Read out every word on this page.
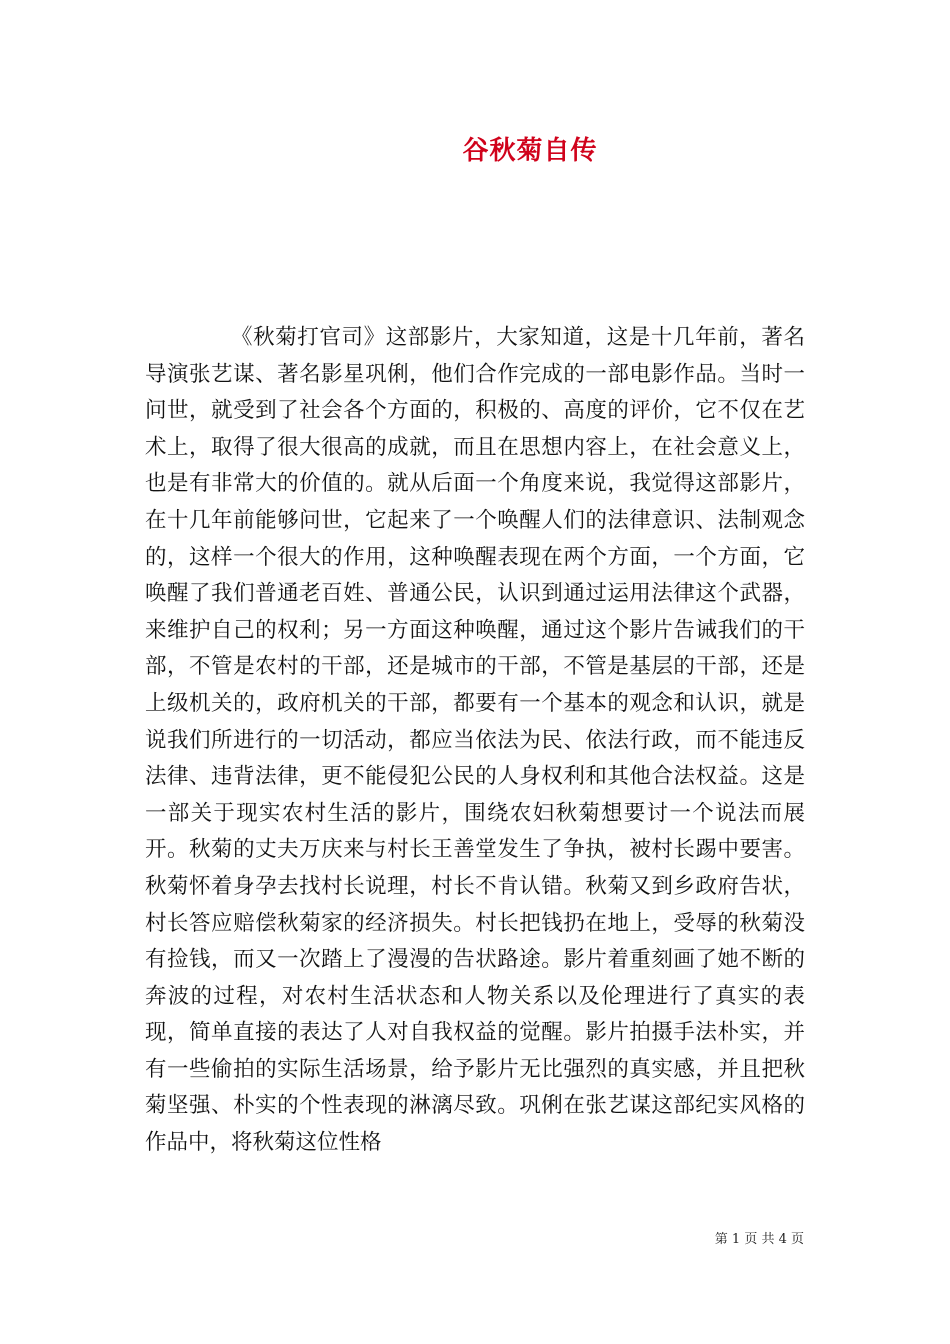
谷秋菊自传

《秋菊打官司》这部影片，大家知道，这是十几年前，著名导演张艺谋、著名影星巩俐，他们合作完成的一部电影作品。当时一问世，就受到了社会各个方面的，积极的、高度的评价，它不仅在艺术上，取得了很大很高的成就，而且在思想内容上，在社会意义上，也是有非常大的价值的。就从后面一个角度来说，我觉得这部影片，在十几年前能够问世，它起来了一个唤醒人们的法律意识、法制观念的，这样一个很大的作用，这种唤醒表现在两个方面，一个方面，它唤醒了我们普通老百姓、普通公民，认识到通过运用法律这个武器，来维护自己的权利；另一方面这种唤醒，通过这个影片告诫我们的干部，不管是农村的干部，还是城市的干部，不管是基层的干部，还是上级机关的，政府机关的干部，都要有一个基本的观念和认识，就是说我们所进行的一切活动，都应当依法为民、依法行政，而不能违反法律、违背法律，更不能侵犯公民的人身权利和其他合法权益。这是一部关于现实农村生活的影片，围绕农妇秋菊想要讨一个说法而展开。秋菊的丈夫万庆来与村长王善堂发生了争执，被村长踢中要害。秋菊怀着身孕去找村长说理，村长不肯认错。秋菊又到乡政府告状，村长答应赔偿秋菊家的经济损失。村长把钱扔在地上，受辱的秋菊没有捡钱，而又一次踏上了漫漫的告状路途。影片着重刻画了她不断的奔波的过程，对农村生活状态和人物关系以及伦理进行了真实的表现，简单直接的表达了人对自我权益的觉醒。影片拍摄手法朴实，并有一些偷拍的实际生活场景，给予影片无比强烈的真实感，并且把秋菊坚强、朴实的个性表现的淋漓尽致。巩俐在张艺谋这部纪实风格的作品中，将秋菊这位性格

第 1 页 共 4 页
